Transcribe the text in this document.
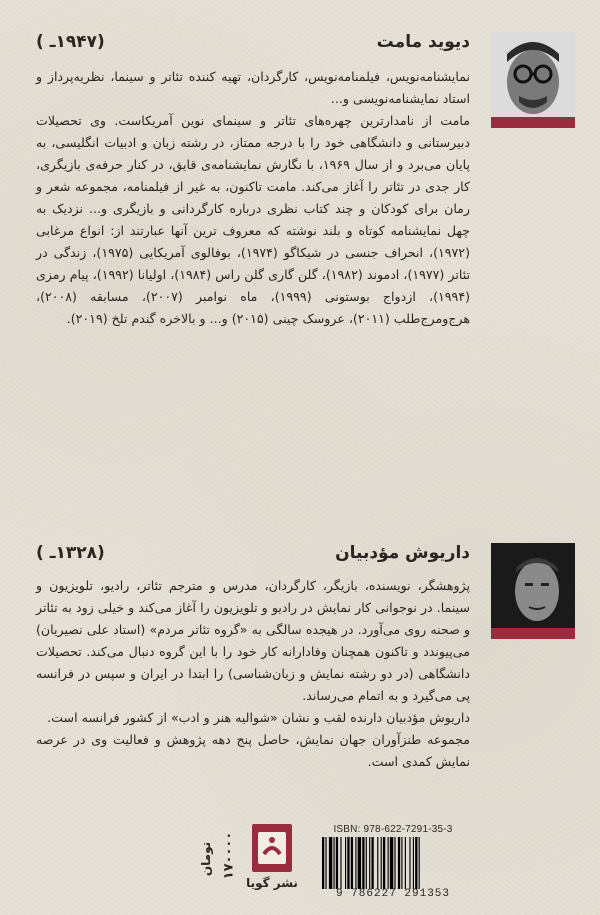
دیوید مامت
(۱۹۴۷ـ )

نمایشنامه‌نویس، فیلمنامه‌نویس، کارگردان، تهیه کننده تئاتر و سینما، نظریه‌پرداز و استاد نمایشنامه‌نویسی و...

مامت از نامدارترین چهره‌های تئاتر و سینمای نوین آمریکاست. وی تحصیلات دبیرستانی و دانشگاهی خود را با درجه ممتاز، در رشته زبان و ادبیات انگلیسی، به پایان می‌برد و از سال ۱۹۶۹، با نگارش نمایشنامه‌ی قایق، در کنار حرفه‌ی بازیگری، کار جدی در تئاتر را آغاز می‌کند. مامت تاکنون، به غیر از فیلمنامه، مجموعه شعر و رمان برای کودکان و چند کتاب نظری درباره کارگردانی و بازیگری و... نزدیک به چهل نمایشنامه کوتاه و بلند نوشته که معروف ترین آنها عبارتند از: انواع مرغابی (۱۹۷۲)، انحراف جنسی در شیکاگو (۱۹۷۴)، بوفالوی آمریکایی (۱۹۷۵)، زندگی در تئاتر (۱۹۷۷)، ادموند (۱۹۸۲)، گلن گاری گلن راس (۱۹۸۴)، اولیانا (۱۹۹۲)، پیام رمزی (۱۹۹۴)، ازدواج بوستونی (۱۹۹۹)، ماه نوامبر (۲۰۰۷)، مسابقه (۲۰۰۸)، هرج‌ومرج‌طلب (۲۰۱۱)، عروسک چینی (۲۰۱۵) و... و بالاخره گندم تلخ (۲۰۱۹).

داریوش مؤدبیان
(۱۳۲۸ـ )

پژوهشگر، نویسنده، بازیگر، کارگردان، مدرس و مترجم تئاتر، رادیو، تلویزیون و سینما. در نوجوانی کار نمایش در رادیو و تلویزیون را آغاز می‌کند و خیلی زود به تئاتر و صحنه روی می‌آورد. در هیجده سالگی به «گروه تئاتر مردم» (استاد علی نصیریان) می‌پیوندد و تاکنون همچنان وفادارانه کار خود را با این گروه دنبال می‌کند. تحصیلات دانشگاهی (در دو رشته نمایش و زبان‌شناسی) را ابتدا در ایران و سپس در فرانسه پی می‌گیرد و به اتمام می‌رساند.

داریوش مؤدبیان دارنده لقب و نشان «شوالیه هنر و ادب» از کشور فرانسه است.

مجموعه طنزآوران جهان نمایش، حاصل پنج دهه پژوهش و فعالیت وی در عرصه نمایش کمدی است.

۱۷۰۰۰۰
تومان
نشر گویا
ISBN: 978-622-7291-35-3
9 786227 291353
